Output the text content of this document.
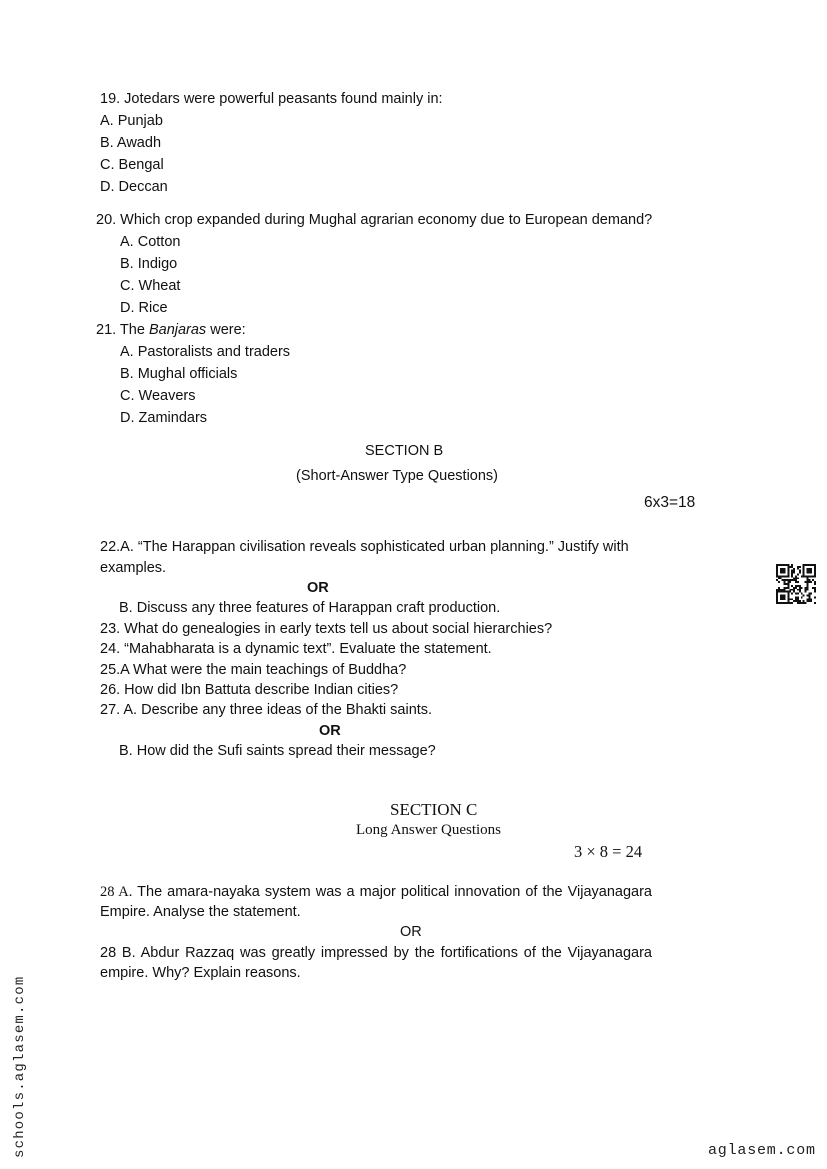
19. Jotedars were powerful peasants found mainly in:
A. Punjab
B. Awadh
C. Bengal
D. Deccan
20. Which crop expanded during Mughal agrarian economy due to European demand?
A. Cotton
B. Indigo
C. Wheat
D. Rice
21. The Banjaras were:
A. Pastoralists and traders
B. Mughal officials
C. Weavers
D. Zamindars
SECTION B
(Short-Answer Type Questions)
6x3=18
22.A. “The Harappan civilisation reveals sophisticated urban planning.” Justify with
examples.
OR
B. Discuss any three features of Harappan craft production.
23. What do genealogies in early texts tell us about social hierarchies?
24. “Mahabharata is a dynamic text”. Evaluate the statement.
25.A What were the main teachings of Buddha?
26. How did Ibn Battuta describe Indian cities?
27. A. Describe any three ideas of the Bhakti saints.
OR
B. How did the Sufi saints spread their message?
SECTION C
Long Answer Questions
3 × 8 = 24
28 A. The amara-nayaka system was a major political innovation of the Vijayanagara Empire. Analyse the statement.
OR
28 B. Abdur Razzaq was greatly impressed by the fortifications of the Vijayanagara empire. Why? Explain reasons.
schools.aglasem.com	aglasem.com
